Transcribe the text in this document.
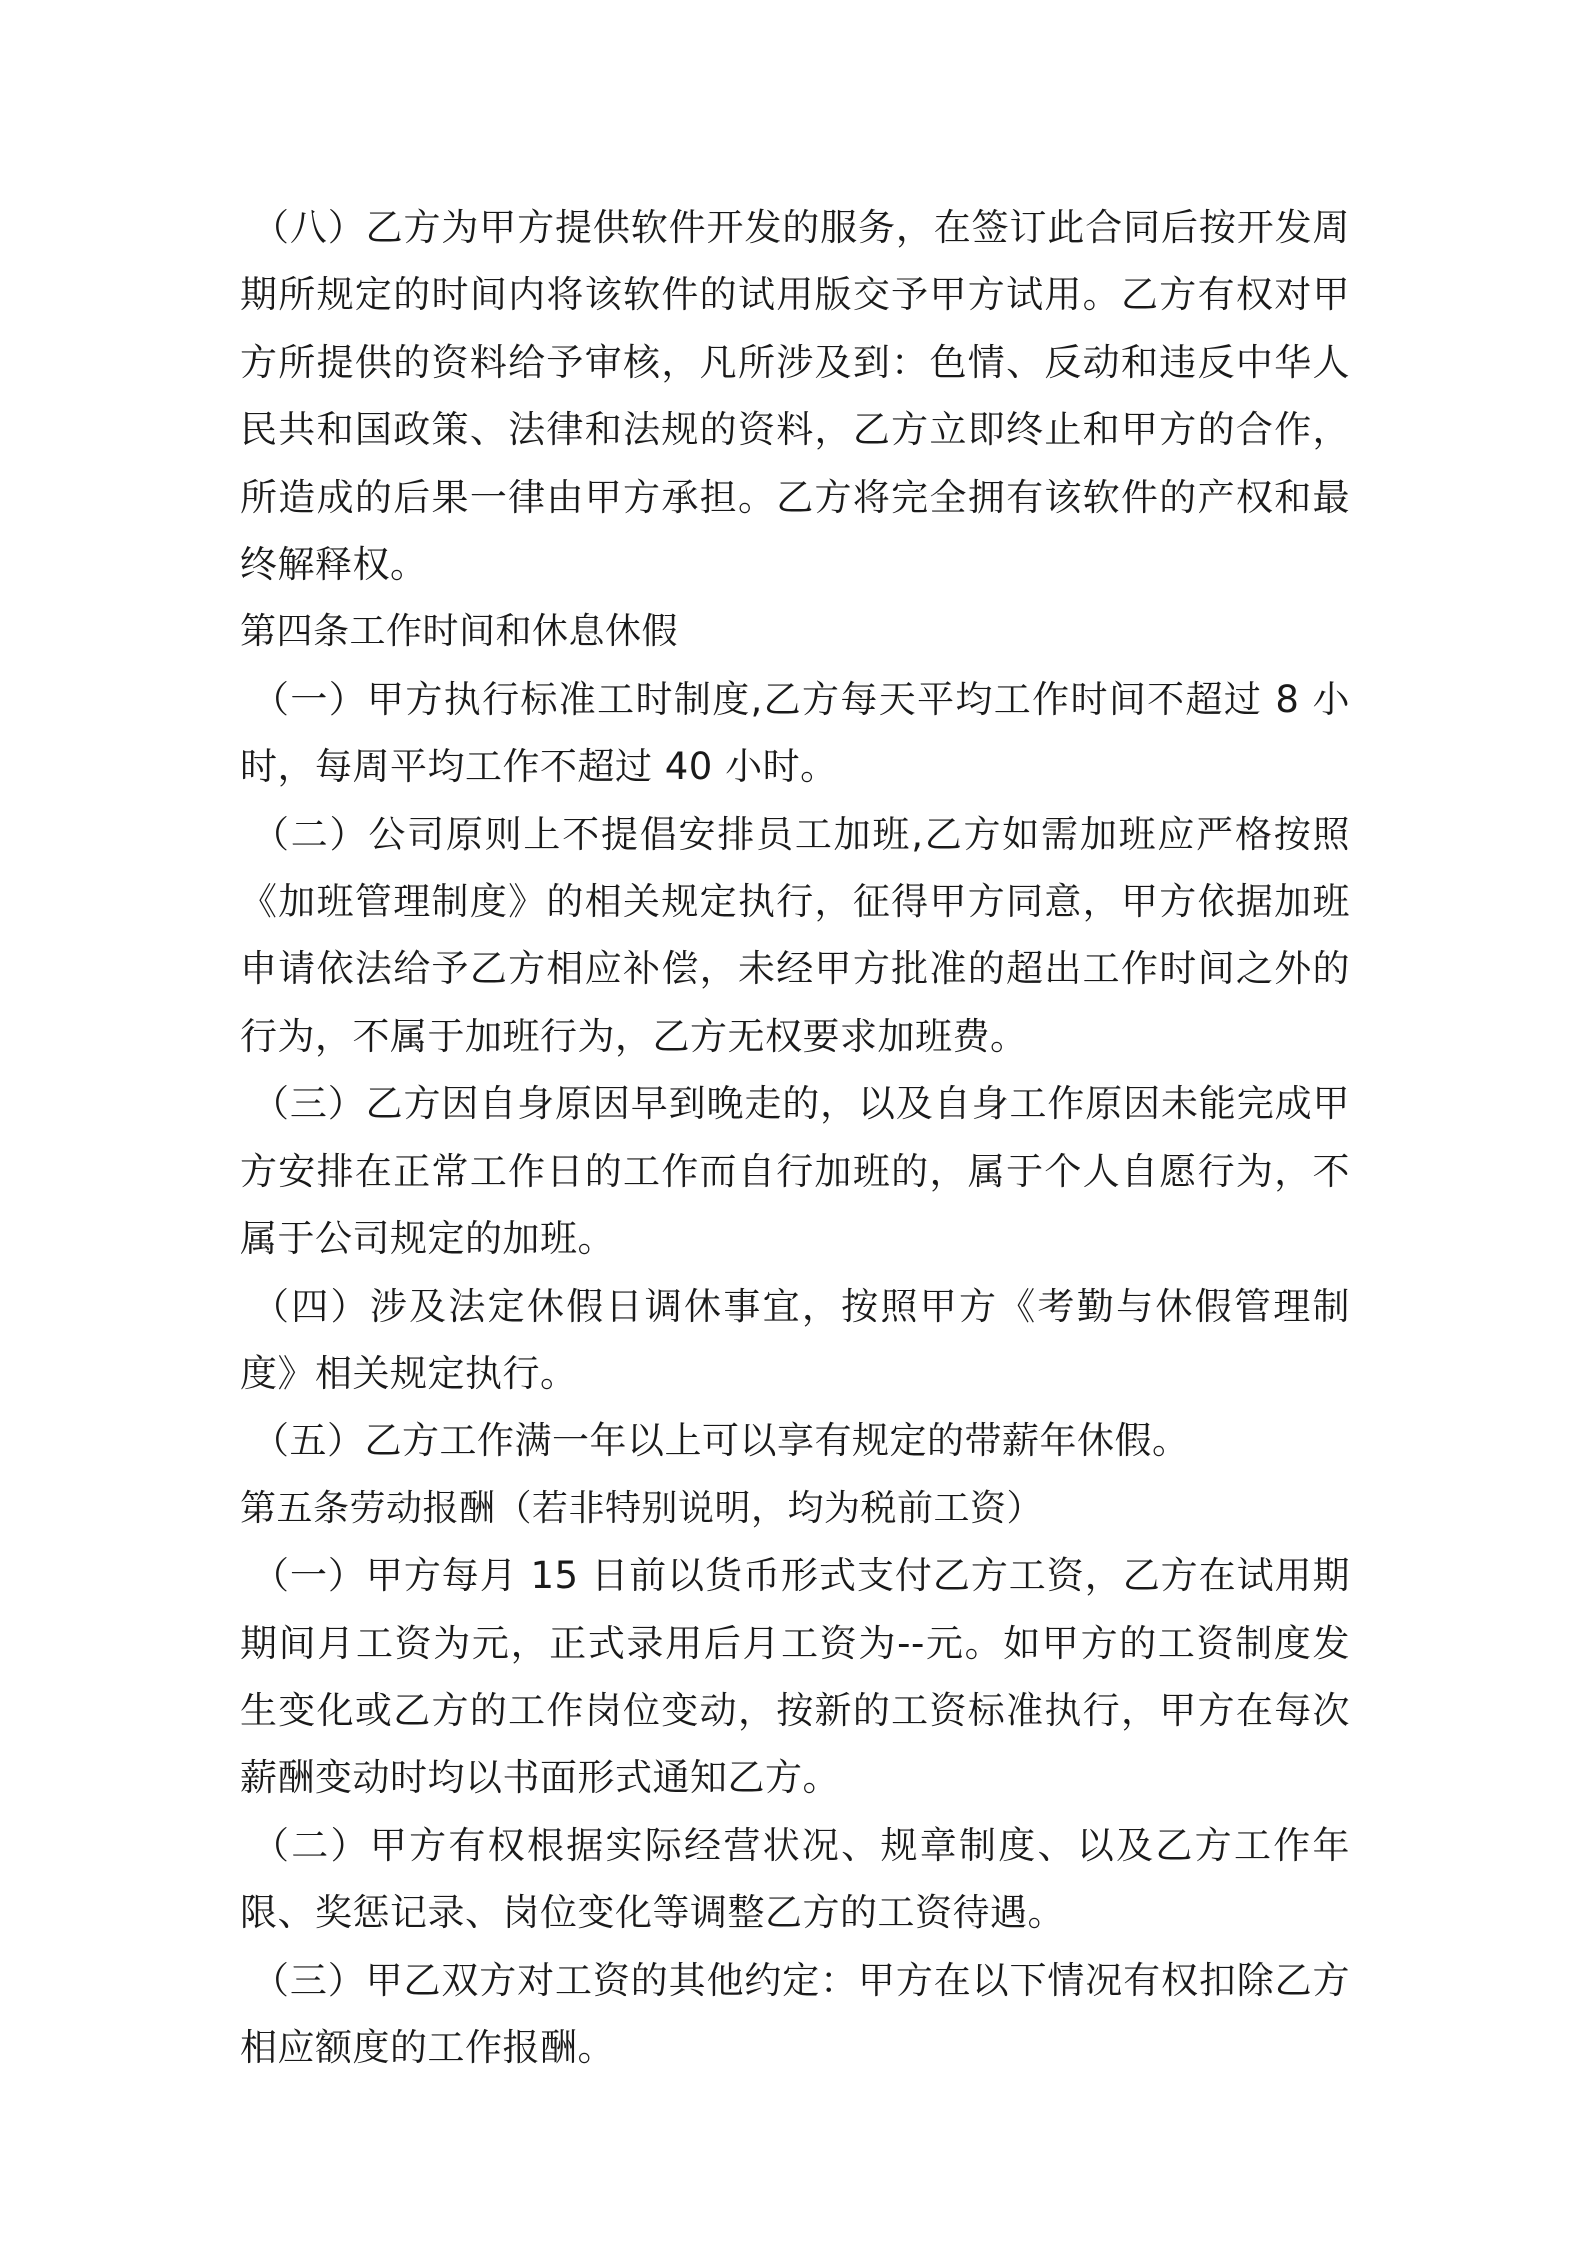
（八）乙方为甲方提供软件开发的服务，在签订此合同后按开发周期所规定的时间内将该软件的试用版交予甲方试用。乙方有权对甲方所提供的资料给予审核，凡所涉及到：色情、反动和违反中华人民共和国政策、法律和法规的资料，乙方立即终止和甲方的合作，所造成的后果一律由甲方承担。乙方将完全拥有该软件的产权和最终解释权。

第四条工作时间和休息休假

（一）甲方执行标准工时制度,乙方每天平均工作时间不超过 8 小时，每周平均工作不超过 40 小时。

（二）公司原则上不提倡安排员工加班,乙方如需加班应严格按照《加班管理制度》的相关规定执行，征得甲方同意，甲方依据加班申请依法给予乙方相应补偿，未经甲方批准的超出工作时间之外的行为，不属于加班行为，乙方无权要求加班费。

（三）乙方因自身原因早到晚走的，以及自身工作原因未能完成甲方安排在正常工作日的工作而自行加班的，属于个人自愿行为，不属于公司规定的加班。

（四）涉及法定休假日调休事宜，按照甲方《考勤与休假管理制度》相关规定执行。

（五）乙方工作满一年以上可以享有规定的带薪年休假。

第五条劳动报酬（若非特别说明，均为税前工资）

（一）甲方每月 15 日前以货币形式支付乙方工资，乙方在试用期期间月工资为元，正式录用后月工资为--元。如甲方的工资制度发生变化或乙方的工作岗位变动，按新的工资标准执行，甲方在每次薪酬变动时均以书面形式通知乙方。

（二）甲方有权根据实际经营状况、规章制度、以及乙方工作年限、奖惩记录、岗位变化等调整乙方的工资待遇。

（三）甲乙双方对工资的其他约定：甲方在以下情况有权扣除乙方相应额度的工作报酬。
